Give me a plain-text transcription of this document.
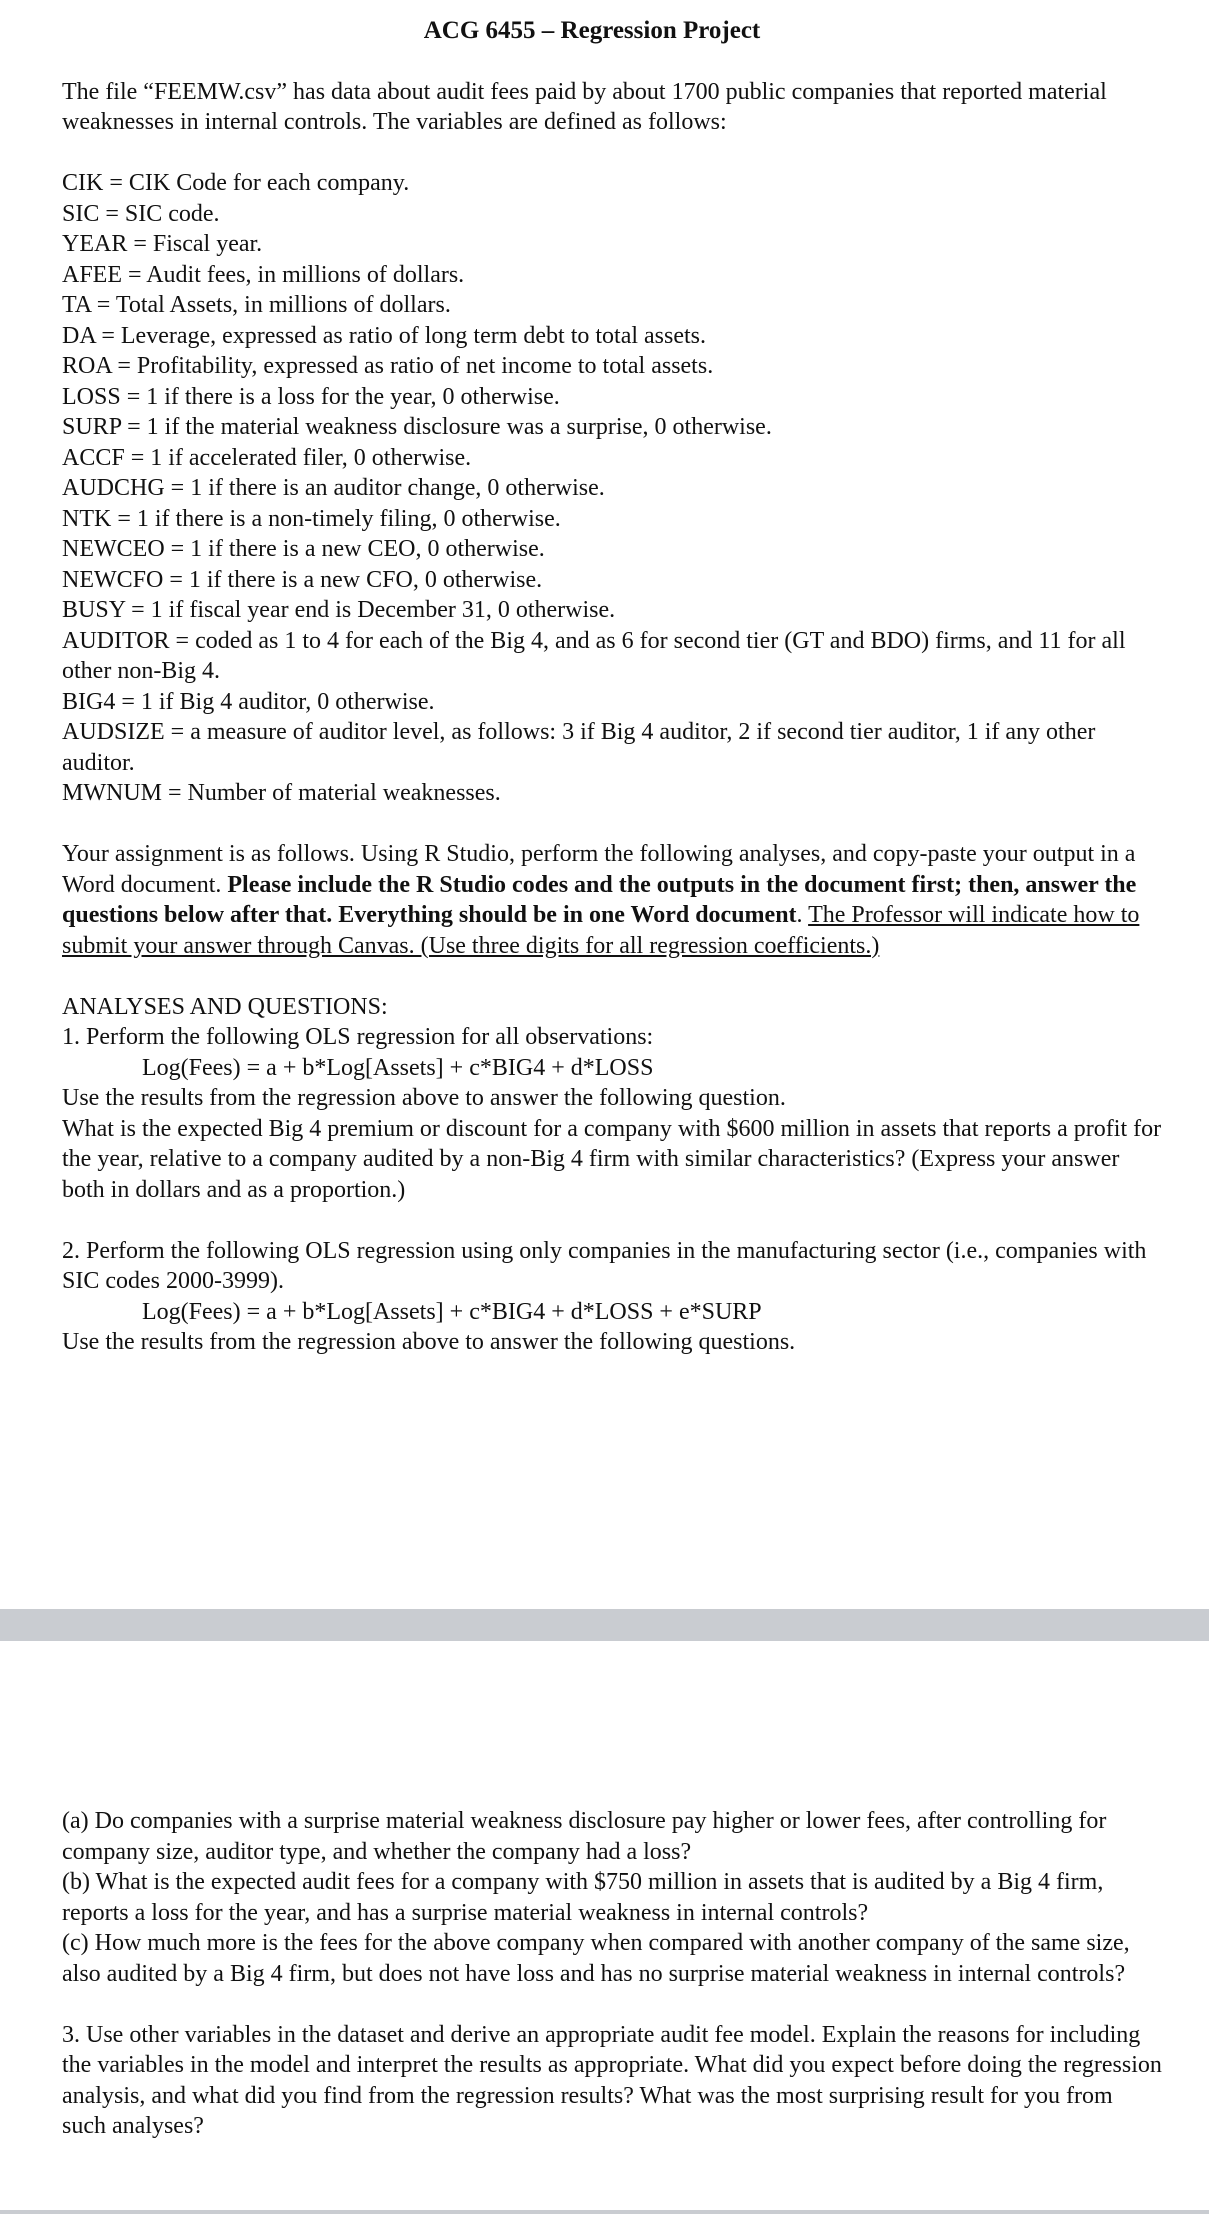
ACG 6455 – Regression Project

The file “FEEMW.csv” has data about audit fees paid by about 1700 public companies that reported material weaknesses in internal controls. The variables are defined as follows:

CIK = CIK Code for each company.

SIC = SIC code.

YEAR = Fiscal year.

AFEE = Audit fees, in millions of dollars.

TA = Total Assets, in millions of dollars.

DA = Leverage, expressed as ratio of long term debt to total assets.

ROA = Profitability, expressed as ratio of net income to total assets.

LOSS = 1 if there is a loss for the year, 0 otherwise.

SURP = 1 if the material weakness disclosure was a surprise, 0 otherwise.

ACCF = 1 if accelerated filer, 0 otherwise.

AUDCHG = 1 if there is an auditor change, 0 otherwise.

NTK = 1 if there is a non-timely filing, 0 otherwise.

NEWCEO = 1 if there is a new CEO, 0 otherwise.

NEWCFO = 1 if there is a new CFO, 0 otherwise.

BUSY = 1 if fiscal year end is December 31, 0 otherwise.

AUDITOR = coded as 1 to 4 for each of the Big 4, and as 6 for second tier (GT and BDO) firms, and 11 for all other non-Big 4.

BIG4 = 1 if Big 4 auditor, 0 otherwise.

AUDSIZE = a measure of auditor level, as follows: 3 if Big 4 auditor, 2 if second tier auditor, 1 if any other auditor.

MWNUM = Number of material weaknesses.

Your assignment is as follows. Using R Studio, perform the following analyses, and copy-paste your output in a Word document. Please include the R Studio codes and the outputs in the document first; then, answer the questions below after that. Everything should be in one Word document. The Professor will indicate how to submit your answer through Canvas. (Use three digits for all regression coefficients.)

ANALYSES AND QUESTIONS:

1. Perform the following OLS regression for all observations:

Log(Fees) = a + b*Log[Assets] + c*BIG4 + d*LOSS

Use the results from the regression above to answer the following question.

What is the expected Big 4 premium or discount for a company with $600 million in assets that reports a profit for the year, relative to a company audited by a non-Big 4 firm with similar characteristics? (Express your answer both in dollars and as a proportion.)

2. Perform the following OLS regression using only companies in the manufacturing sector (i.e., companies with SIC codes 2000-3999).

Log(Fees) = a + b*Log[Assets] + c*BIG4 + d*LOSS + e*SURP

Use the results from the regression above to answer the following questions.

(a) Do companies with a surprise material weakness disclosure pay higher or lower fees, after controlling for company size, auditor type, and whether the company had a loss?

(b) What is the expected audit fees for a company with $750 million in assets that is audited by a Big 4 firm, reports a loss for the year, and has a surprise material weakness in internal controls?

(c) How much more is the fees for the above company when compared with another company of the same size, also audited by a Big 4 firm, but does not have loss and has no surprise material weakness in internal controls?

3. Use other variables in the dataset and derive an appropriate audit fee model. Explain the reasons for including the variables in the model and interpret the results as appropriate. What did you expect before doing the regression analysis, and what did you find from the regression results? What was the most surprising result for you from such analyses?
